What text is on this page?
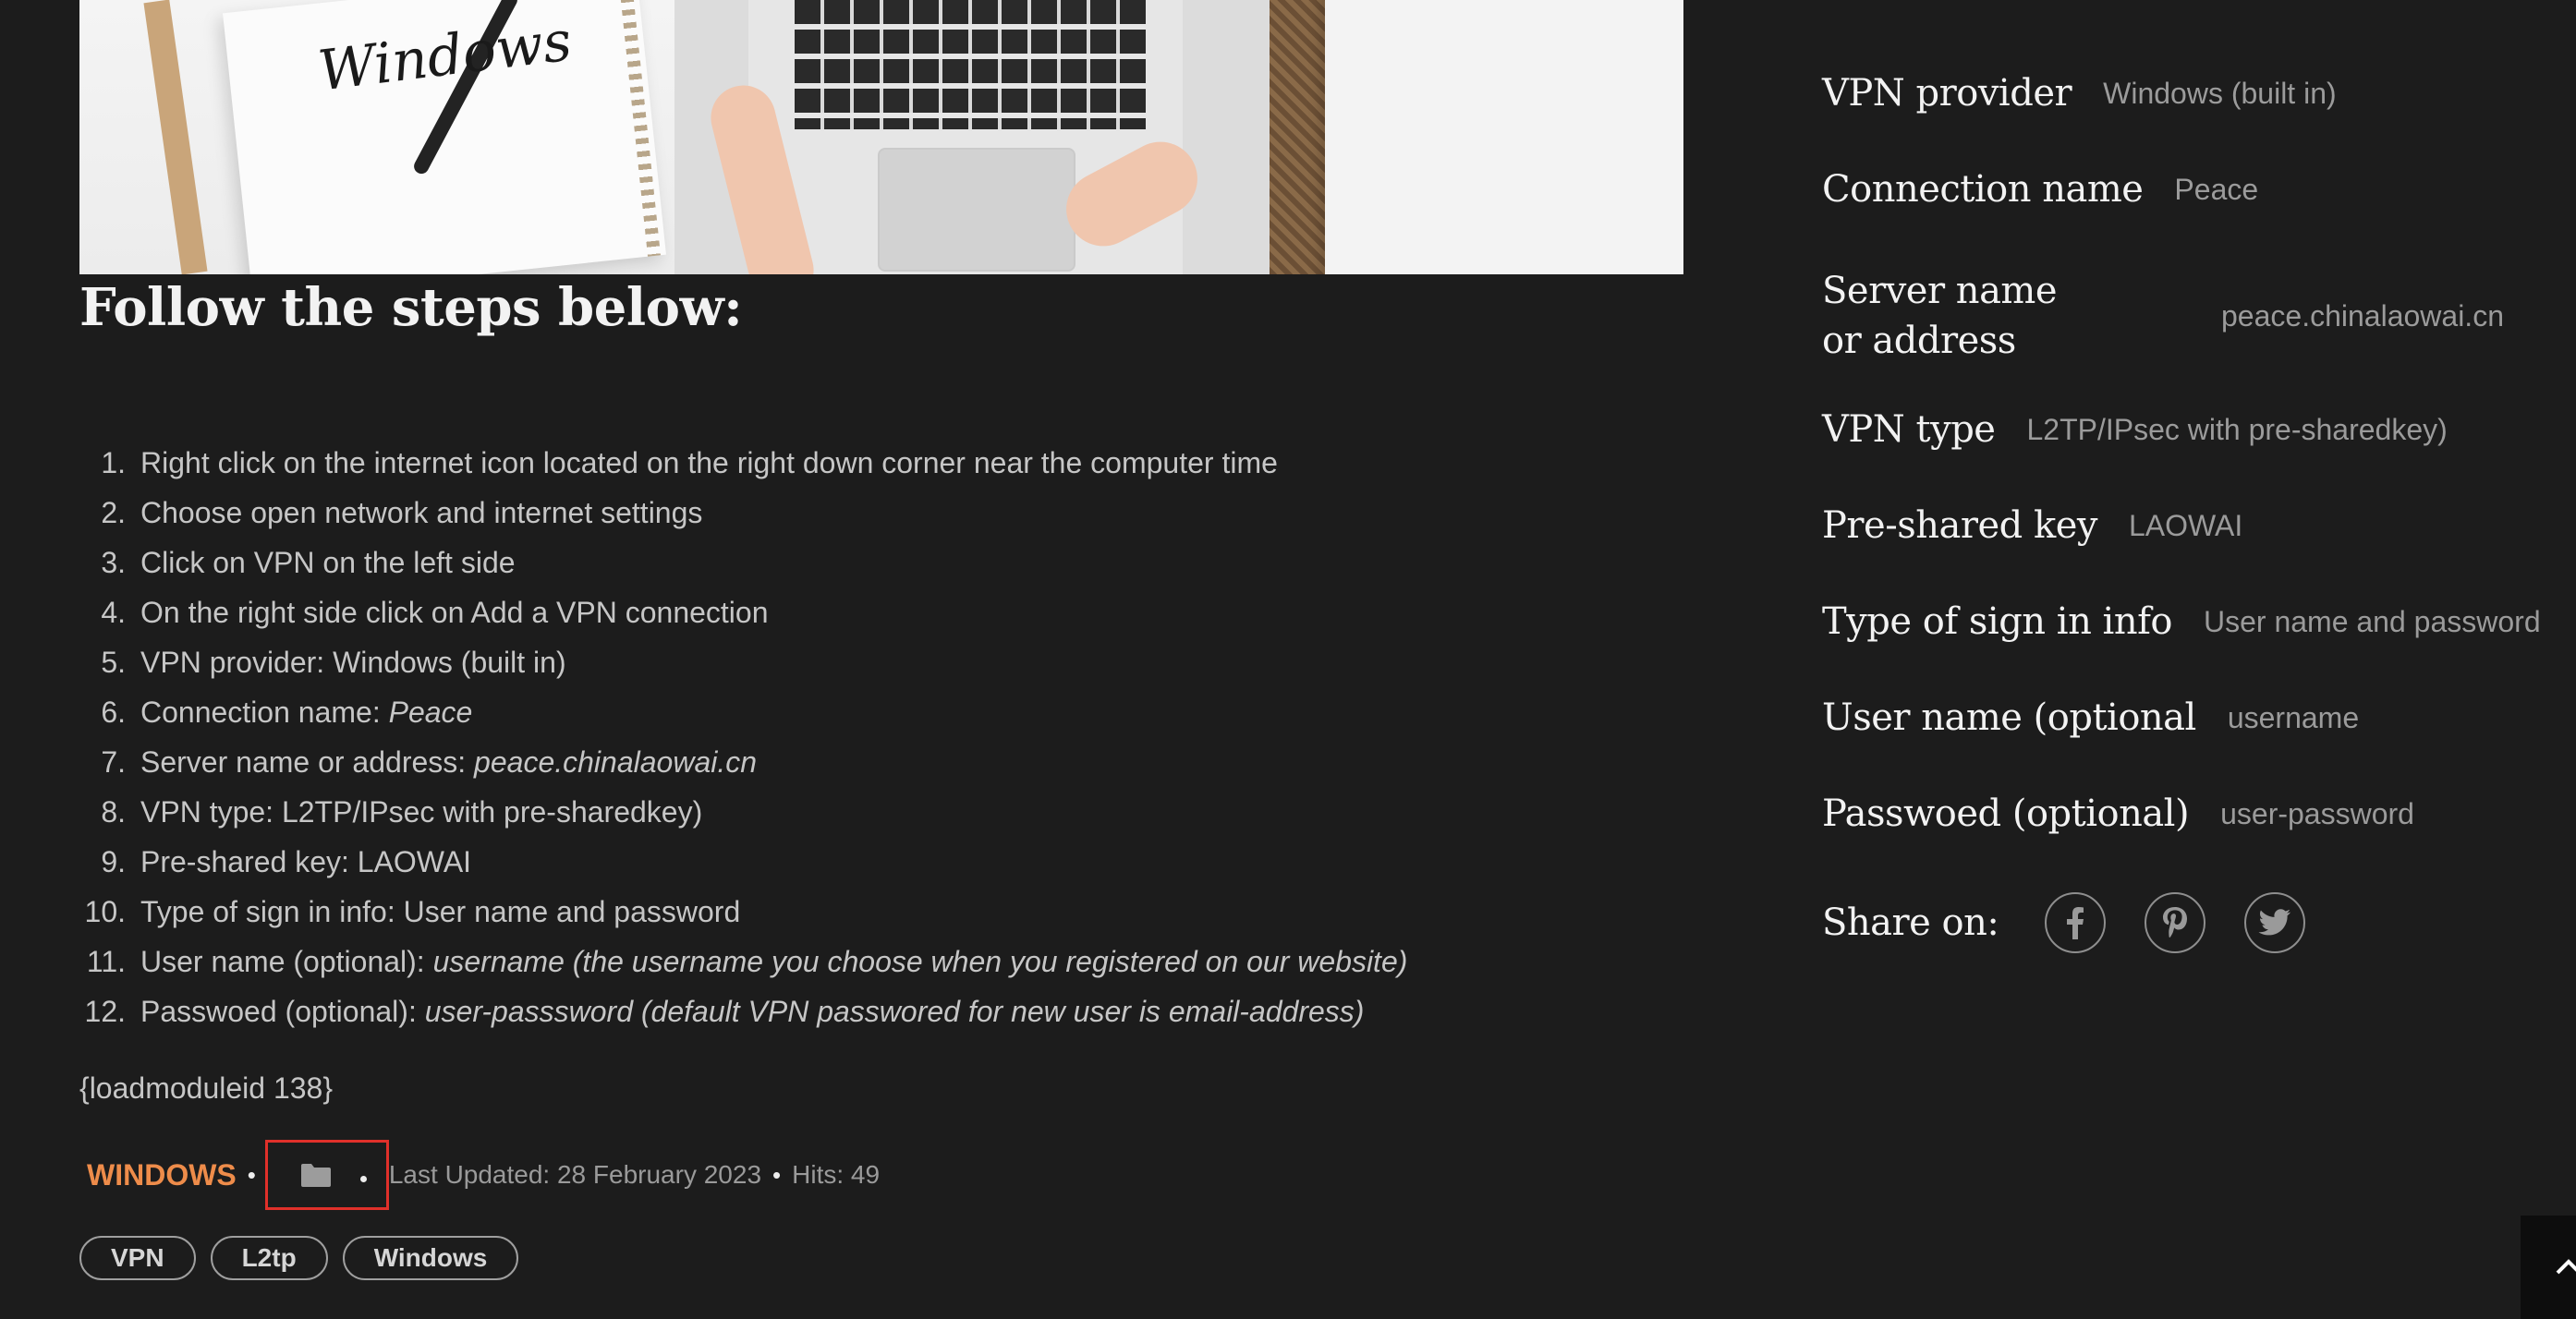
Windows
Follow the steps below:
1. Right click on the internet icon located on the right down corner near the computer time
2. Choose open network and internet settings
3. Click on VPN on the left side
4. On the right side click on Add a VPN connection
5. VPN provider: Windows (built in)
6. Connection name: Peace
7. Server name or address: peace.chinalaowai.cn
8. VPN type: L2TP/IPsec with pre-sharedkey)
9. Pre-shared key: LAOWAI
10. Type of sign in info: User name and password
11. User name (optional): username (the username you choose when you registered on our website)
12. Passwoed (optional): user-passsword (default VPN passwored for new user is email-address)
{loadmoduleid 138}
WINDOWS •	Last Updated: 28 February 2023 • Hits: 49
VPN	L2tp	Windows
VPN provider Windows (built in)
Connection name Peace
Server name or address
peace.chinalaowai.cn
VPN type L2TP/IPsec with pre-sharedkey)
Pre-shared key LAOWAI
Type of sign in info User name and password
User name (optional username
Passwoed (optional) user-password
Share on:
